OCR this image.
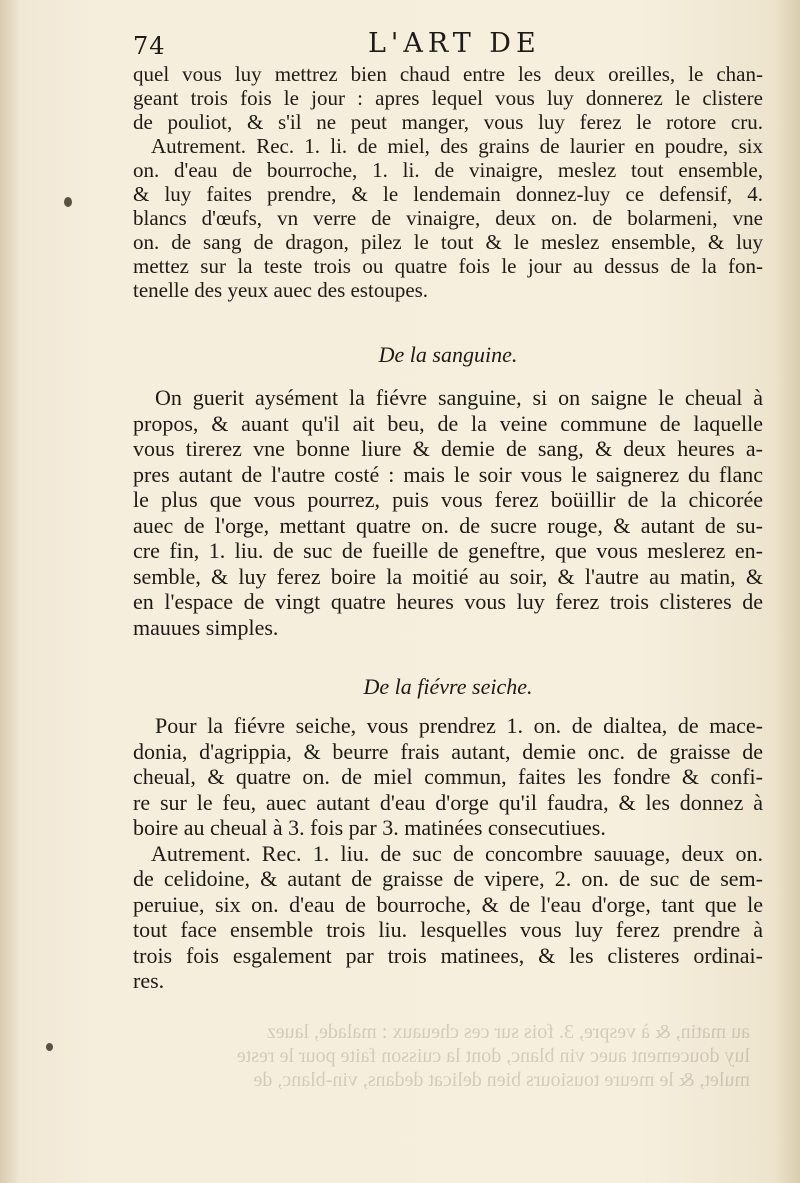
74	L'ART DE
quel vous luy mettrez bien chaud entre les deux oreilles, le chan-
geant trois fois le jour : apres lequel vous luy donnerez le clistere
de pouliot, & s'il ne peut manger, vous luy ferez le rotore cru.
Autrement. Rec. 1. li. de miel, des grains de laurier en poudre, six
on. d'eau de bourroche, 1. li. de vinaigre, meslez tout ensemble,
& luy faites prendre, & le lendemain donnez-luy ce defensif, 4.
blancs d'œufs, vn verre de vinaigre, deux on. de bolarmeni, vne
on. de sang de dragon, pilez le tout & le meslez ensemble, & luy
mettez sur la teste trois ou quatre fois le jour au dessus de la fon-
tenelle des yeux auec des estoupes.
De la sanguine.
On guerit aysément la fiévre sanguine, si on saigne le cheual à
propos, & auant qu'il ait beu, de la veine commune de laquelle
vous tirerez vne bonne liure & demie de sang, & deux heures a-
pres autant de l'autre costé : mais le soir vous le saignerez du flanc
le plus que vous pourrez, puis vous ferez boüillir de la chicorée
auec de l'orge, mettant quatre on. de sucre rouge, & autant de su-
cre fin, 1. liu. de suc de fueille de geneftre, que vous meslerez en-
semble, & luy ferez boire la moitié au soir, & l'autre au matin, &
en l'espace de vingt quatre heures vous luy ferez trois clisteres de
mauues simples.
De la fiévre seiche.
Pour la fiévre seiche, vous prendrez 1. on. de dialtea, de mace-
donia, d'agrippia, & beurre frais autant, demie onc. de graisse de
cheual, & quatre on. de miel commun, faites les fondre & confi-
re sur le feu, auec autant d'eau d'orge qu'il faudra, & les donnez à
boire au cheual à 3. fois par 3. matinées consecutiues.
Autrement. Rec. 1. liu. de suc de concombre sauuage, deux on.
de celidoine, & autant de graisse de vipere, 2. on. de suc de sem-
peruiue, six on. d'eau de bourroche, & de l'eau d'orge, tant que le
tout face ensemble trois liu. lesquelles vous luy ferez prendre à
trois fois esgalement par trois matinees, & les clisteres ordinai-
res.
au matin, & à vespre, 3. fois sur ces cheuaux : malade, lauez
luy doucement auec vin blanc, dont la cuisson faite pour le reste
mulet, & le meure tousiours bien delicat dedans, vin-blanc, de
